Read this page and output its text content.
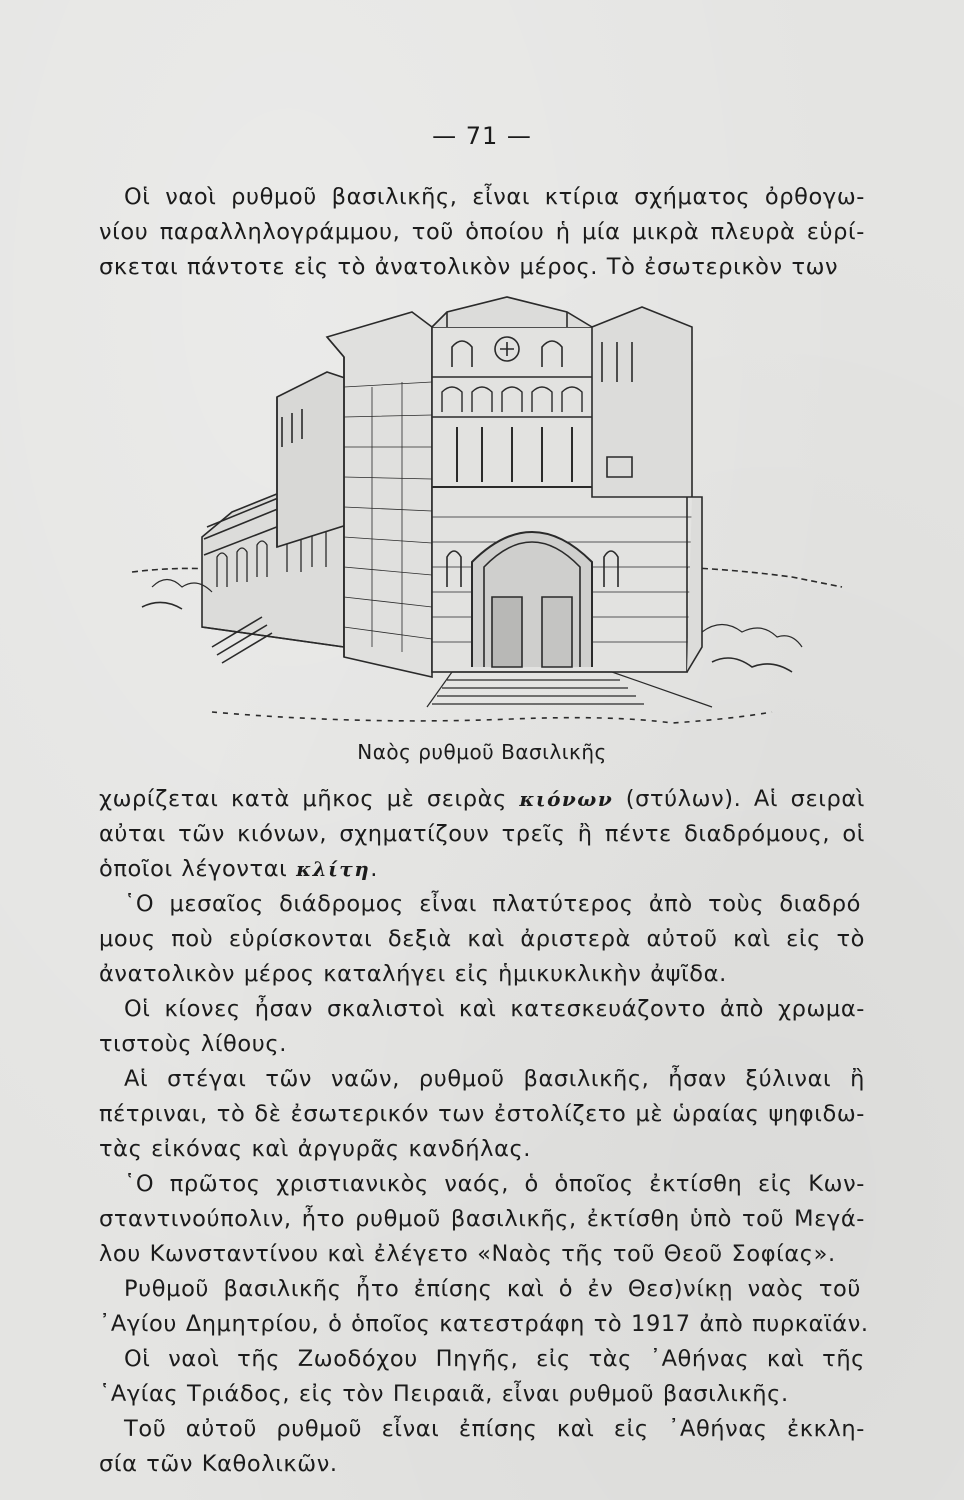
— 71 —
Οἱ ναοὶ ρυθμοῦ βασιλικῆς, εἶναι κτίρια σχήματος ὀρθογω-
νίου παραλληλογράμμου, τοῦ ὁποίου ἡ μία μικρὰ πλευρὰ εὑρί-
σκεται πάντοτε εἰς τὸ ἀνατολικὸν μέρος. Τὸ ἐσωτερικὸν των
Ναὸς ρυθμοῦ Βασιλικῆς
χωρίζεται κατὰ μῆκος μὲ σειρὰς κιόνων (στύλων). Αἱ σειραὶ
αὐται τῶν κιόνων, σχηματίζουν τρεῖς ἢ πέντε διαδρόμους, οἱ
ὁποῖοι λέγονται κλίτη.
῾Ο μεσαῖος διάδρομος εἶναι πλατύτερος ἀπὸ τοὺς διαδρό
μους ποὺ εὑρίσκονται δεξιὰ καὶ ἀριστερὰ αὐτοῦ καὶ εἰς τὸ
ἀνατολικὸν μέρος καταλήγει εἰς ἡμικυκλικὴν ἀψῖδα.
Οἱ κίονες ἦσαν σκαλιστοὶ καὶ κατεσκευάζοντο ἀπὸ χρωμα-
τιστοὺς λίθους.
Αἱ στέγαι τῶν ναῶν, ρυθμοῦ βασιλικῆς, ἦσαν ξύλιναι ἢ
πέτριναι, τὸ δὲ ἐσωτερικόν των ἐστολίζετο μὲ ὡραίας ψηφιδω-
τὰς εἰκόνας καὶ ἀργυρᾶς κανδήλας.
῾Ο πρῶτος χριστιανικὸς ναός, ὁ ὁποῖος ἐκτίσθη εἰς Κων-
σταντινούπολιν, ἦτο ρυθμοῦ βασιλικῆς, ἐκτίσθη ὑπὸ τοῦ Μεγά-
λου Κωνσταντίνου καὶ ἐλέγετο «Ναὸς τῆς τοῦ Θεοῦ Σοφίας».
Ρυθμοῦ βασιλικῆς ἦτο ἐπίσης καὶ ὁ ἐν Θεσ)νίκῃ ναὸς τοῦ
᾿Αγίου Δημητρίου, ὁ ὁποῖος κατεστράφη τὸ 1917 ἀπὸ πυρκαϊάν.
Οἱ ναοὶ τῆς Ζωοδόχου Πηγῆς, εἰς τὰς ᾿Αθήνας καὶ τῆς
῾Αγίας Τριάδος, εἰς τὸν Πειραιᾶ, εἶναι ρυθμοῦ βασιλικῆς.
Τοῦ αὐτοῦ ρυθμοῦ εἶναι ἐπίσης καὶ εἰς ᾿Αθήνας ἐκκλη-
σία τῶν Καθολικῶν.
